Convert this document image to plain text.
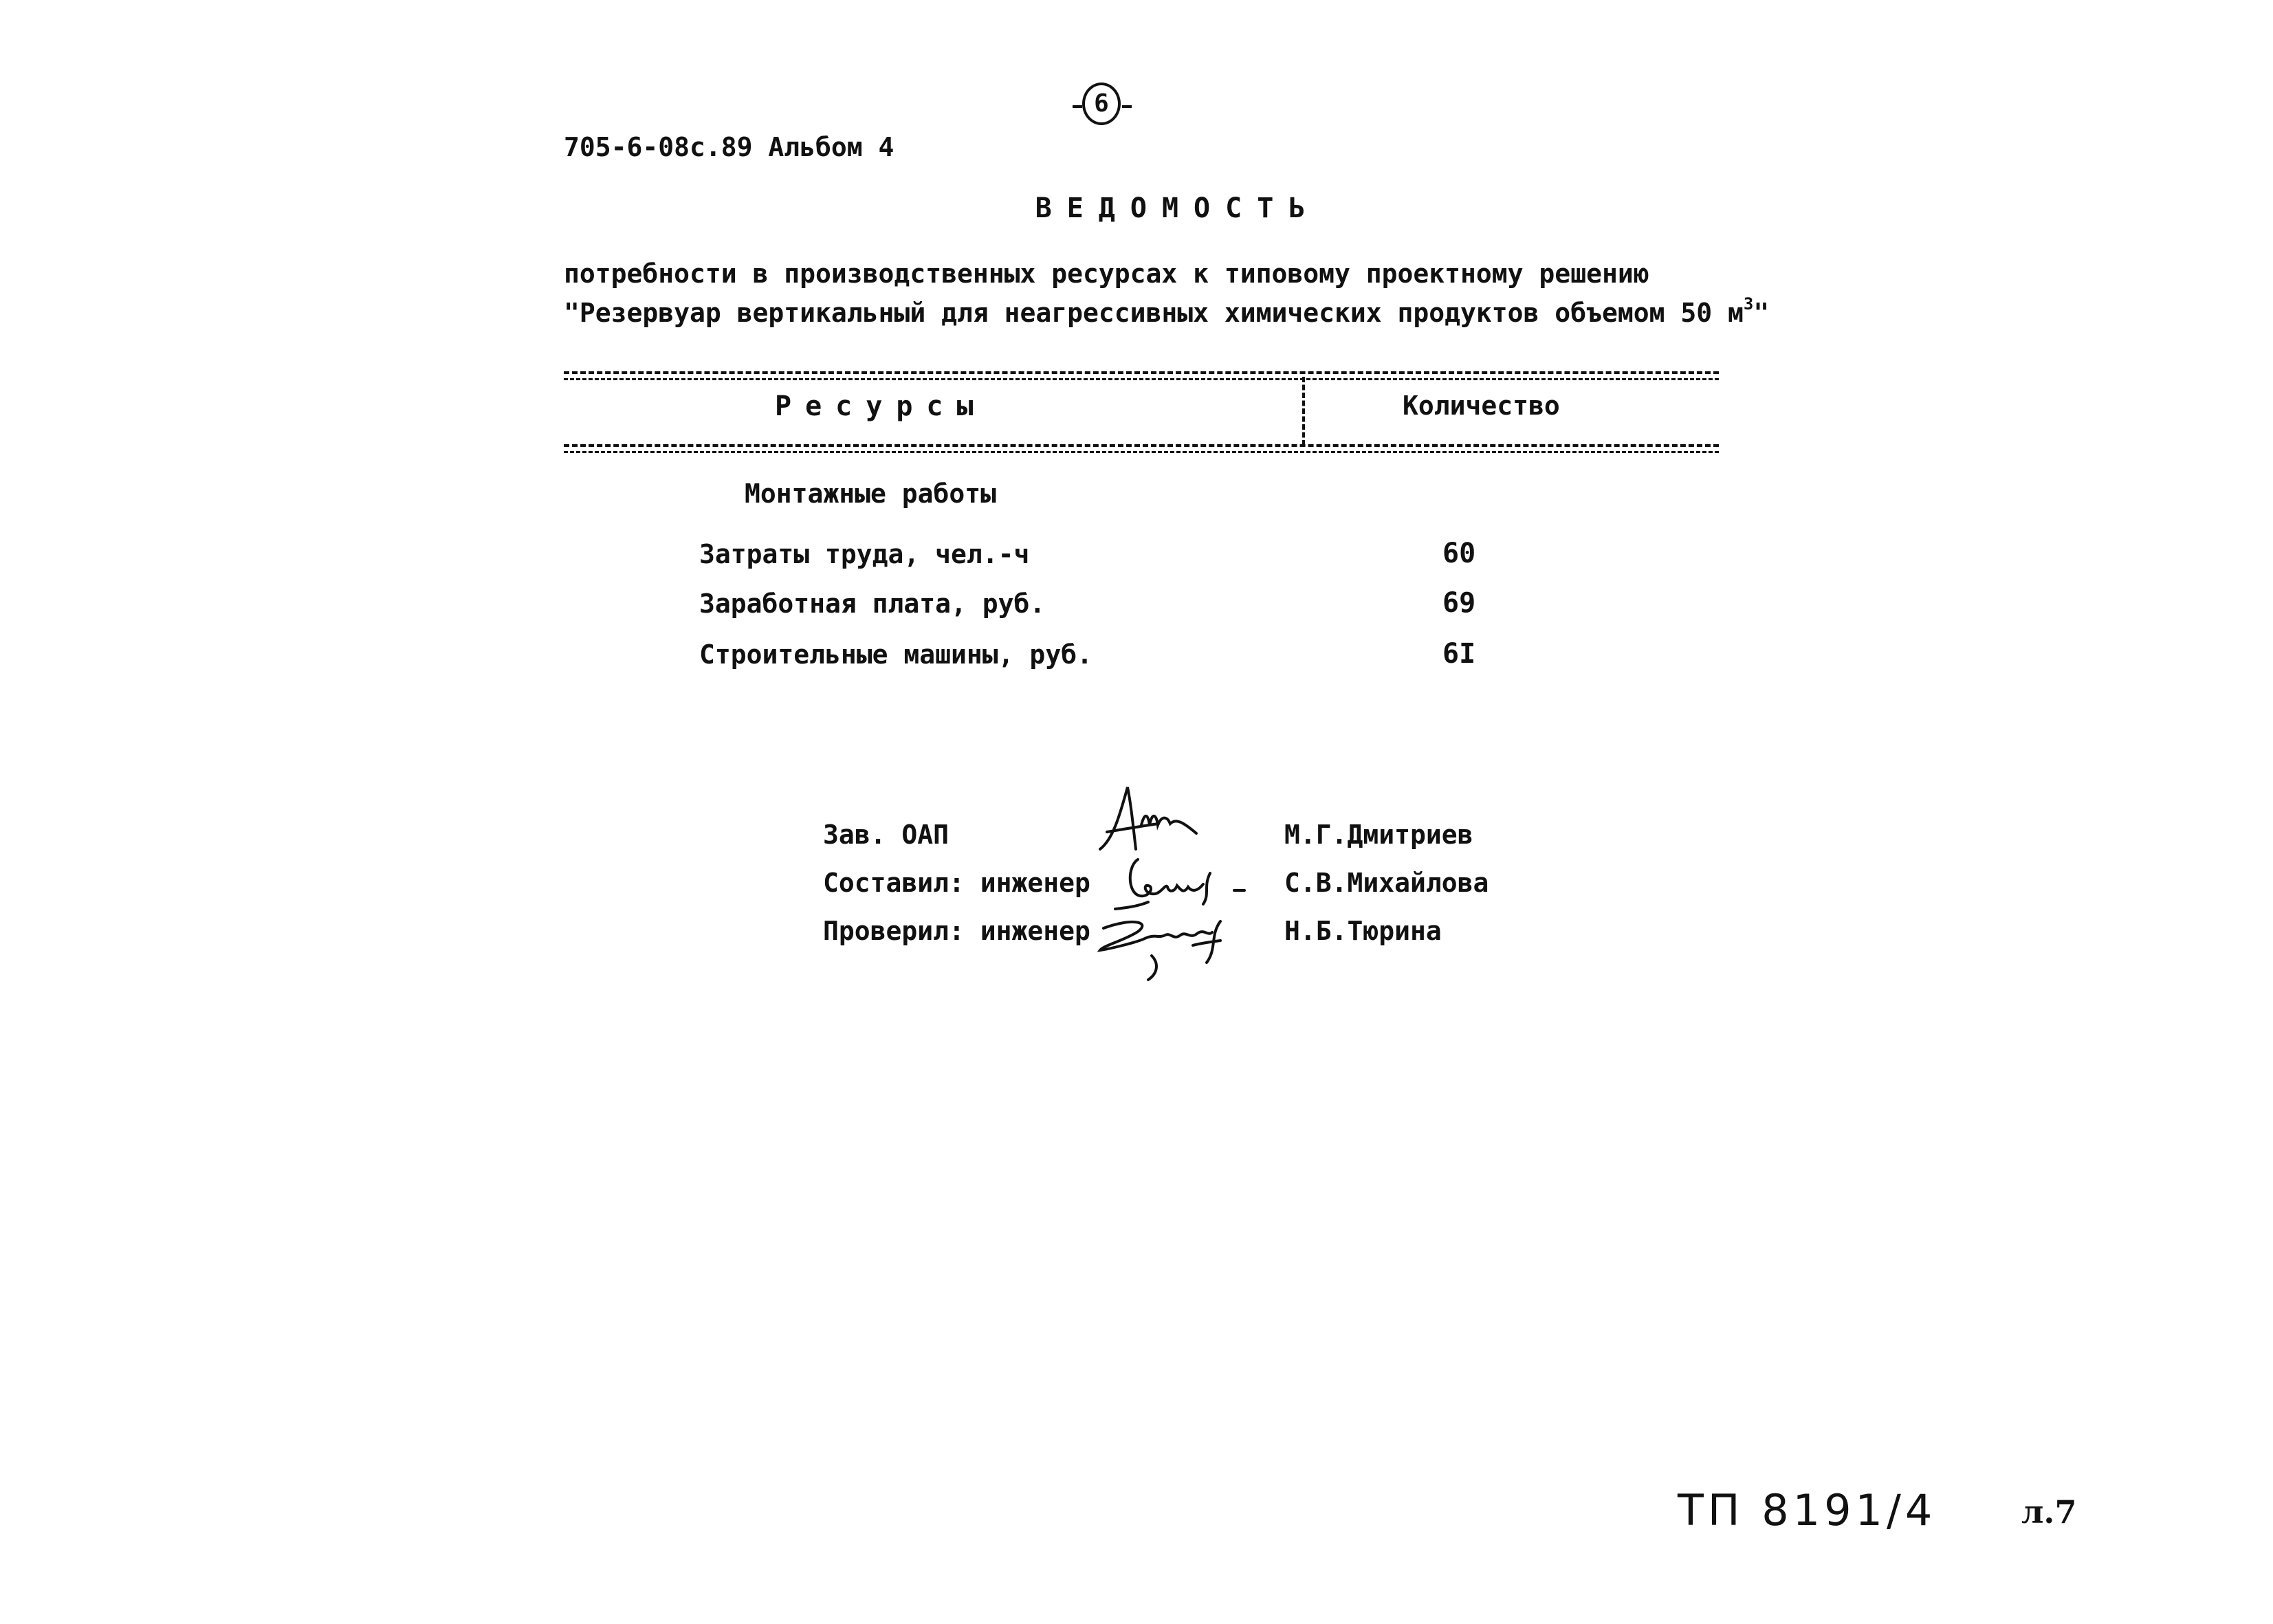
6
705-6-08с.89 Альбом 4
ВЕДОМОСТЬ
потребности в производственных ресурсах к типовому проектному решению
"Резервуар вертикальный для неагрессивных химических продуктов объемом 50 $м^3$"
Ресурсы	Количество
Монтажные работы
Затраты труда, чел.-ч	60
Заработная плата, руб.	69
Строительные машины, руб.	6I
Зав. ОАП	М.Г.Дмитриев
Составил: инженер	С.В.Михайлова
Проверил: инженер	Н.Б.Тюрина
ТП 8191/4	л.7
